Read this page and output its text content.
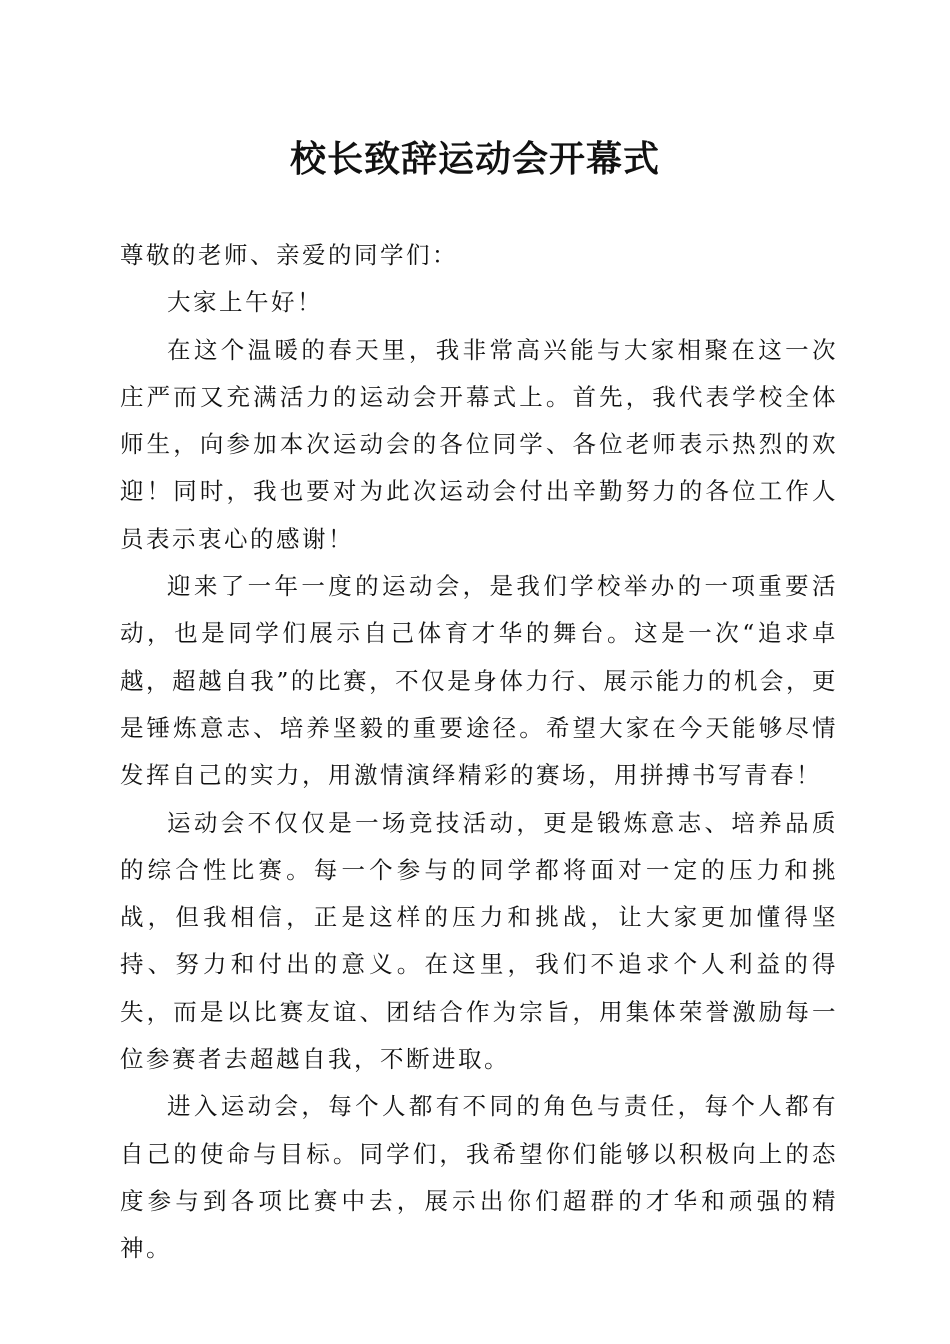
校长致辞运动会开幕式

尊敬的老师、亲爱的同学们：

大家上午好！

在这个温暖的春天里，我非常高兴能与大家相聚在这一次庄严而又充满活力的运动会开幕式上。首先，我代表学校全体师生，向参加本次运动会的各位同学、各位老师表示热烈的欢迎！同时，我也要对为此次运动会付出辛勤努力的各位工作人员表示衷心的感谢！

迎来了一年一度的运动会，是我们学校举办的一项重要活动，也是同学们展示自己体育才华的舞台。这是一次“追求卓越，超越自我”的比赛，不仅是身体力行、展示能力的机会，更是锤炼意志、培养坚毅的重要途径。希望大家在今天能够尽情发挥自己的实力，用激情演绎精彩的赛场，用拼搏书写青春！

运动会不仅仅是一场竞技活动，更是锻炼意志、培养品质的综合性比赛。每一个参与的同学都将面对一定的压力和挑战，但我相信，正是这样的压力和挑战，让大家更加懂得坚持、努力和付出的意义。在这里，我们不追求个人利益的得失，而是以比赛友谊、团结合作为宗旨，用集体荣誉激励每一位参赛者去超越自我，不断进取。

进入运动会，每个人都有不同的角色与责任，每个人都有自己的使命与目标。同学们，我希望你们能够以积极向上的态度参与到各项比赛中去，展示出你们超群的才华和顽强的精神。
